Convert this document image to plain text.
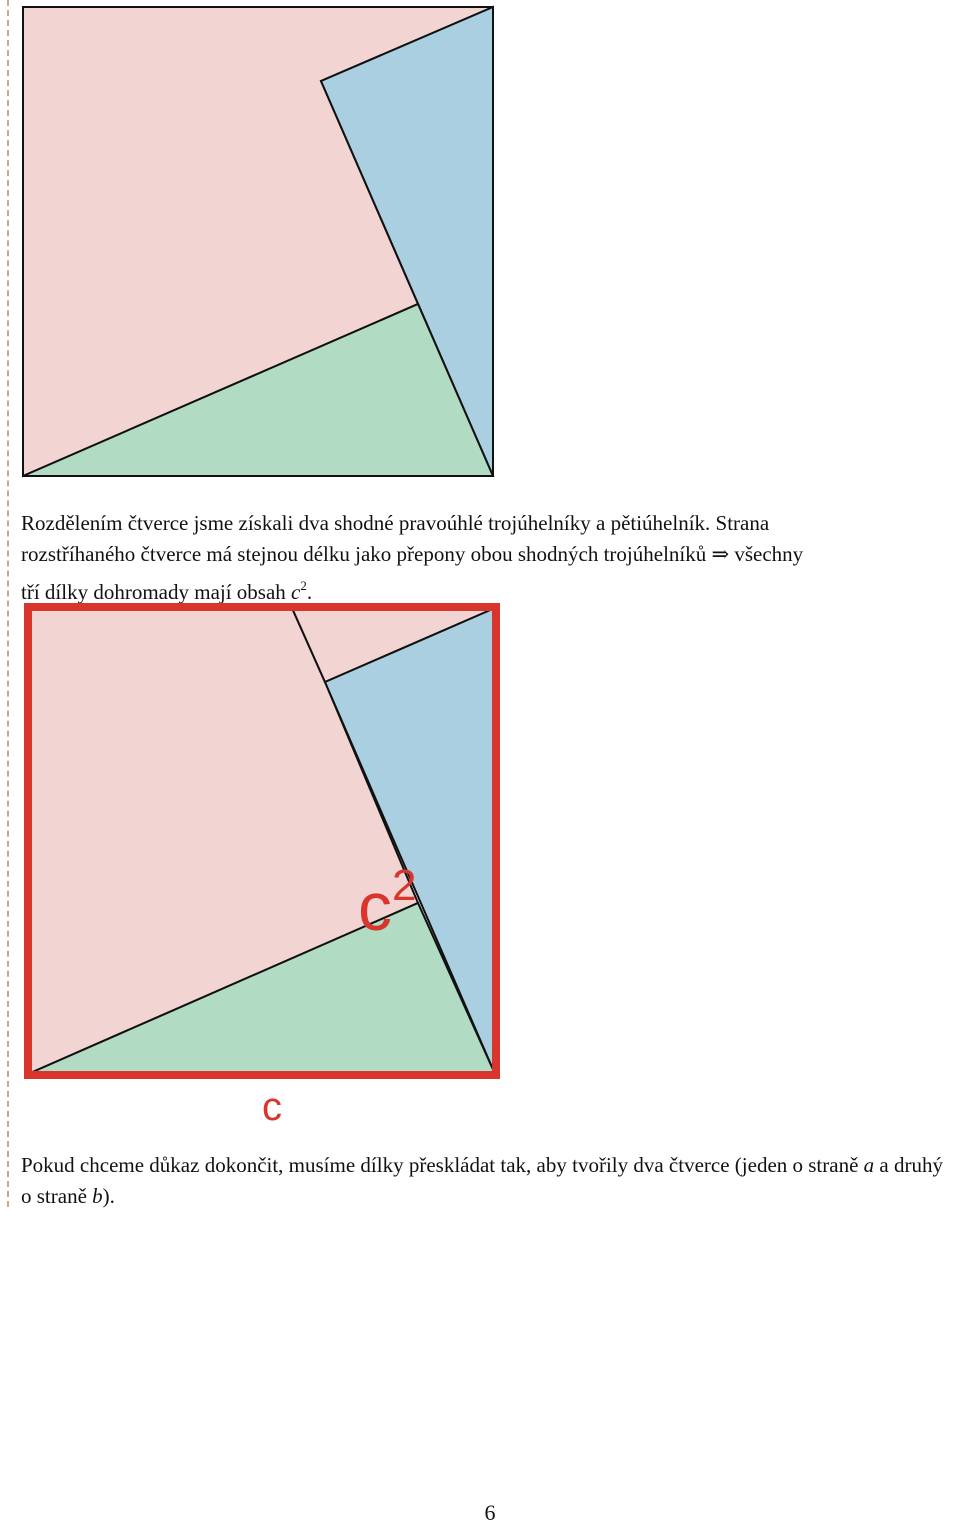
Rozdělením čtverce jsme získali dva shodné pravoúhlé trojúhelníky a pětiúhelník. Strana
rozstříhaného čtverce má stejnou délku jako přepony obou shodných trojúhelníků ⇒ všechny
tří dílky dohromady mají obsah $c^2$.

$c^2$
c

Pokud chceme důkaz dokončit, musíme dílky přeskládat tak, aby tvořily dva čtverce (jeden o straně a a druhý o straně b).

6
